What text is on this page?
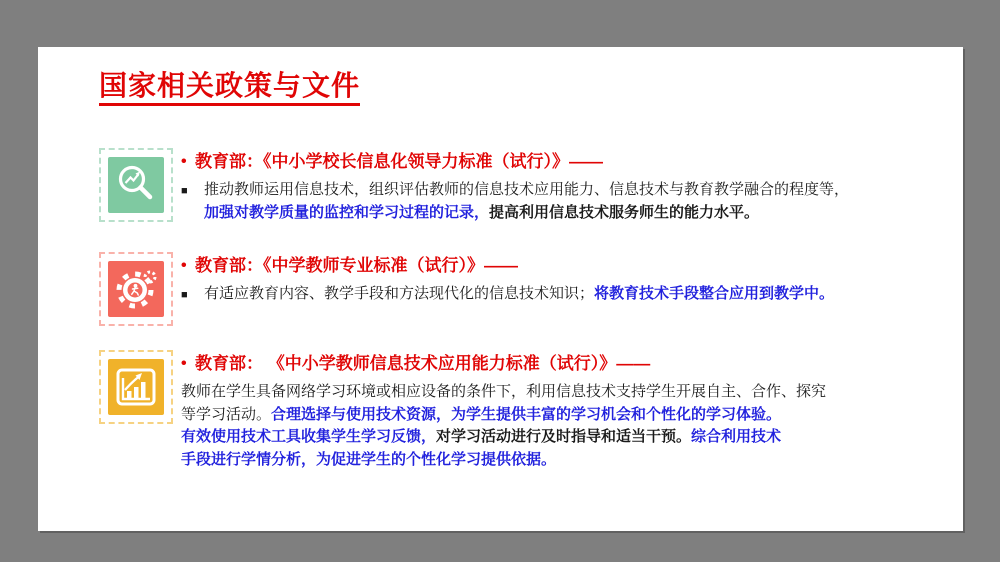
国家相关政策与文件
• 教育部：《中小学校长信息化领导力标准（试行）》——
■	推动教师运用信息技术，组织评估教师的信息技术应用能力、信息技术与教育教学融合的程度等，
加强对教学质量的监控和学习过程的记录，提高利用信息技术服务师生的能力水平。
• 教育部：《中学教师专业标准（试行）》——
■	有适应教育内容、教学手段和方法现代化的信息技术知识；将教育技术手段整合应用到教学中。
• 教育部： 《中小学教师信息技术应用能力标准（试行）》——
教师在学生具备网络学习环境或相应设备的条件下，利用信息技术支持学生开展自主、合作、探究
等学习活动。合理选择与使用技术资源，为学生提供丰富的学习机会和个性化的学习体验。
有效使用技术工具收集学生学习反馈，对学习活动进行及时指导和适当干预。综合利用技术
手段进行学情分析，为促进学生的个性化学习提供依据。
